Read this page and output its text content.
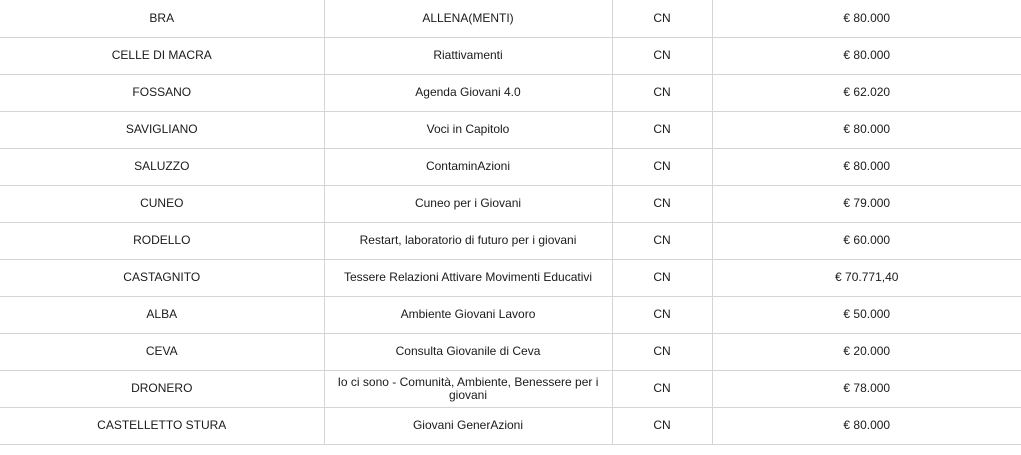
BRA	ALLENA(MENTI)	CN	€ 80.000
CELLE DI MACRA	Riattivamenti	CN	€ 80.000
FOSSANO	Agenda Giovani 4.0	CN	€ 62.020
SAVIGLIANO	Voci in Capitolo	CN	€ 80.000
SALUZZO	ContaminAzioni	CN	€ 80.000
CUNEO	Cuneo per i Giovani	CN	€ 79.000
RODELLO	Restart, laboratorio di futuro per i giovani	CN	€ 60.000
CASTAGNITO	Tessere Relazioni Attivare Movimenti Educativi	CN	€ 70.771,40
ALBA	Ambiente Giovani Lavoro	CN	€ 50.000
CEVA	Consulta Giovanile di Ceva	CN	€ 20.000
DRONERO	Io ci sono - Comunità, Ambiente, Benessere per i giovani	CN	€ 78.000
CASTELLETTO STURA	Giovani GenerAzioni	CN	€ 80.000
